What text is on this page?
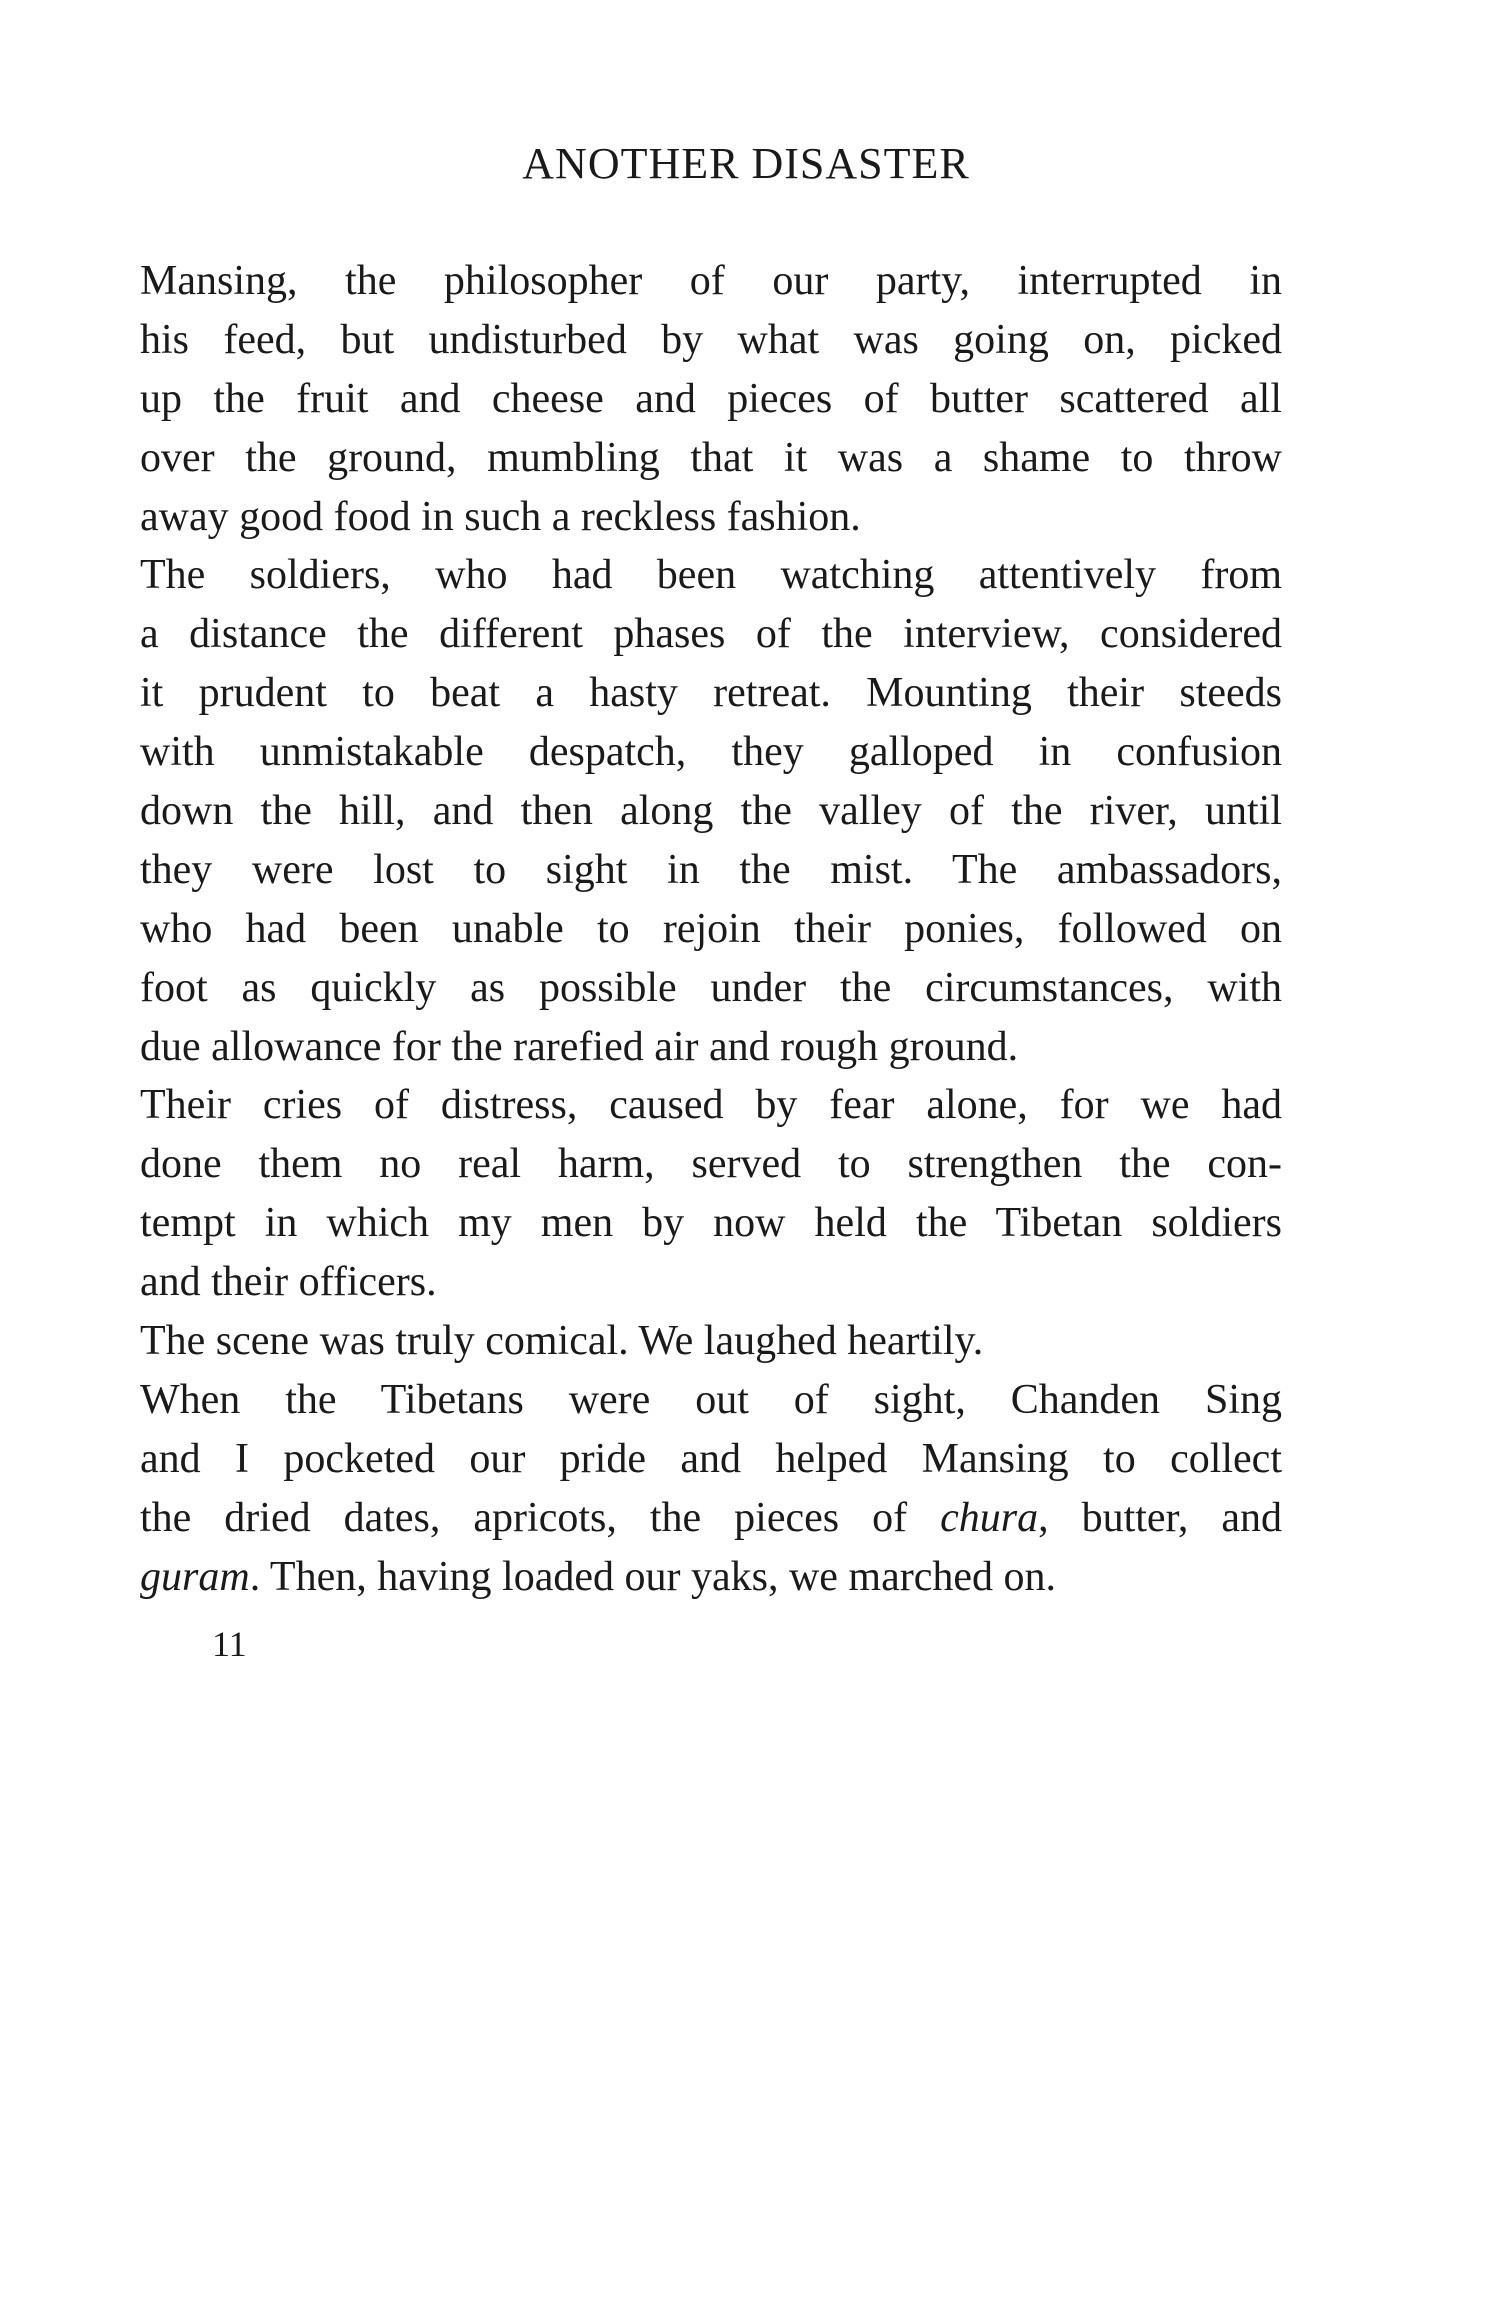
ANOTHER DISASTER
Mansing, the philosopher of our party, interrupted in
his feed, but undisturbed by what was going on, picked
up the fruit and cheese and pieces of butter scattered all
over the ground, mumbling that it was a shame to throw
away good food in such a reckless fashion.
The soldiers, who had been watching attentively from
a distance the different phases of the interview, considered
it prudent to beat a hasty retreat. Mounting their steeds
with unmistakable despatch, they galloped in confusion
down the hill, and then along the valley of the river, until
they were lost to sight in the mist. The ambassadors,
who had been unable to rejoin their ponies, followed on
foot as quickly as possible under the circumstances, with
due allowance for the rarefied air and rough ground.
Their cries of distress, caused by fear alone, for we had
done them no real harm, served to strengthen the con-
tempt in which my men by now held the Tibetan soldiers
and their officers.
The scene was truly comical. We laughed heartily.
When the Tibetans were out of sight, Chanden Sing
and I pocketed our pride and helped Mansing to collect
the dried dates, apricots, the pieces of chura, butter, and
guram. Then, having loaded our yaks, we marched on.
11
